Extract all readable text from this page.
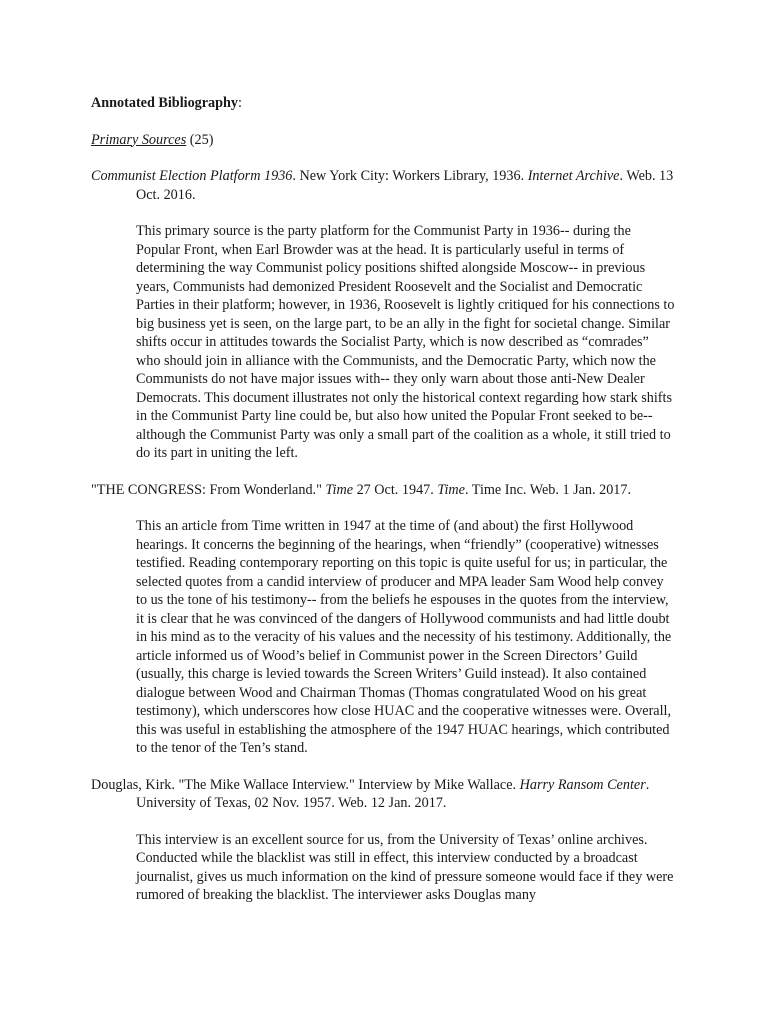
Annotated Bibliography:

Primary Sources (25)

Communist Election Platform 1936. New York City: Workers Library, 1936. Internet Archive. Web. 13 Oct. 2016.

This primary source is the party platform for the Communist Party in 1936-- during the Popular Front, when Earl Browder was at the head. It is particularly useful in terms of determining the way Communist policy positions shifted alongside Moscow-- in previous years, Communists had demonized President Roosevelt and the Socialist and Democratic Parties in their platform; however, in 1936, Roosevelt is lightly critiqued for his connections to big business yet is seen, on the large part, to be an ally in the fight for societal change. Similar shifts occur in attitudes towards the Socialist Party, which is now described as “comrades” who should join in alliance with the Communists, and the Democratic Party, which now the Communists do not have major issues with-- they only warn about those anti-New Dealer Democrats. This document illustrates not only the historical context regarding how stark shifts in the Communist Party line could be, but also how united the Popular Front seeked to be-- although the Communist Party was only a small part of the coalition as a whole, it still tried to do its part in uniting the left.

"THE CONGRESS: From Wonderland." Time 27 Oct. 1947. Time. Time Inc. Web. 1 Jan. 2017.

This an article from Time written in 1947 at the time of (and about) the first Hollywood hearings. It concerns the beginning of the hearings, when “friendly” (cooperative) witnesses testified. Reading contemporary reporting on this topic is quite useful for us; in particular, the selected quotes from a candid interview of producer and MPA leader Sam Wood help convey to us the tone of his testimony-- from the beliefs he espouses in the quotes from the interview, it is clear that he was convinced of the dangers of Hollywood communists and had little doubt in his mind as to the veracity of his values and the necessity of his testimony. Additionally, the article informed us of Wood’s belief in Communist power in the Screen Directors’ Guild (usually, this charge is levied towards the Screen Writers’ Guild instead). It also contained dialogue between Wood and Chairman Thomas (Thomas congratulated Wood on his great testimony), which underscores how close HUAC and the cooperative witnesses were. Overall, this was useful in establishing the atmosphere of the 1947 HUAC hearings, which contributed to the tenor of the Ten’s stand.

Douglas, Kirk. "The Mike Wallace Interview." Interview by Mike Wallace. Harry Ransom Center. University of Texas, 02 Nov. 1957. Web. 12 Jan. 2017.

This interview is an excellent source for us, from the University of Texas’ online archives. Conducted while the blacklist was still in effect, this interview conducted by a broadcast journalist, gives us much information on the kind of pressure someone would face if they were rumored of breaking the blacklist. The interviewer asks Douglas many
